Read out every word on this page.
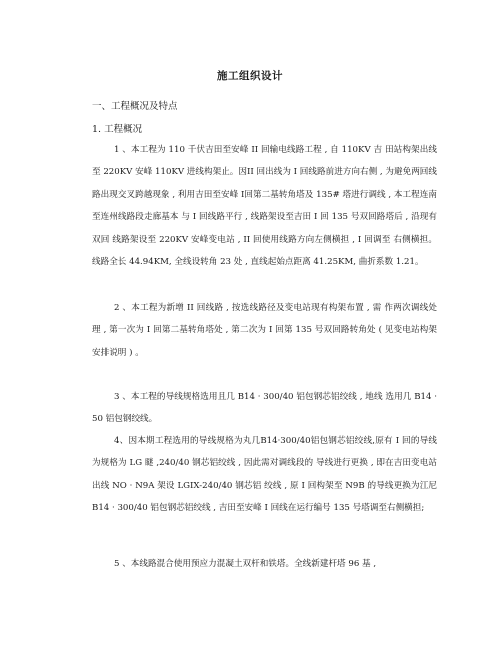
施工组织设计
一、工程概况及特点
1. 工程概况
1 、本工程为 110 千伏吉田至安峰 II 回输电线路工程 , 自 110KV 吉 田站构架出线至 220KV 安峰 110KV 进线构架止。因II 回出线为 I 回线路前进方向右侧 , 为避免两回线路出现交叉跨越现象 , 利用吉田至安峰 I回第二基转角塔及 135# 塔进行调线 , 本工程连南至连州线路段走廊基本 与 I 回线路平行 , 线路架设至吉田 I 回 135 号双回路塔后 , 沿现有双回 线路架设至 220KV 安峰变电站 , II 回使用线路方向左侧横担 , I 回调至 右侧横担。线路全长 44.94KM, 全线设转角 23 处 , 直线起始点距离 41.25KM, 曲折系数 1.21。
2 、本工程为新增 II 回线路 , 按选线路径及变电站现有构架布置 , 需 作两次调线处理 , 第一次为 I 回第二基转角塔处 , 第二次为 I 回第 135 号双回路转角处 ( 见变电站构架安排说明 ) 。
3 、本工程的导线规格选用且几 B14 · 300/40 铝包钢芯铝绞线 , 地线 选用几 B14 · 50 铝包钢绞线。
4、因本期工程选用的导线规格为丸几B14·300/40铝包钢芯铝绞线,原有 I 回的导线为规格为 LG 瞇 ,240/40 钢芯铝绞线 , 因此需对调线段的 导线进行更换 , 即在吉田变电站出线 NO · N9A 架设 LGIX-240/40 钢芯铝 绞线 , 原 I 回构架至 N9B 的导线更换为江尼 B14 · 300/40 铝包钢芯铝绞线 , 吉田至安峰 I 回线在运行编号 135 号塔调至右侧横担;
5 、本线路混合使用预应力混凝土双杆和铁塔。全线新建杆塔 96 基 ,
